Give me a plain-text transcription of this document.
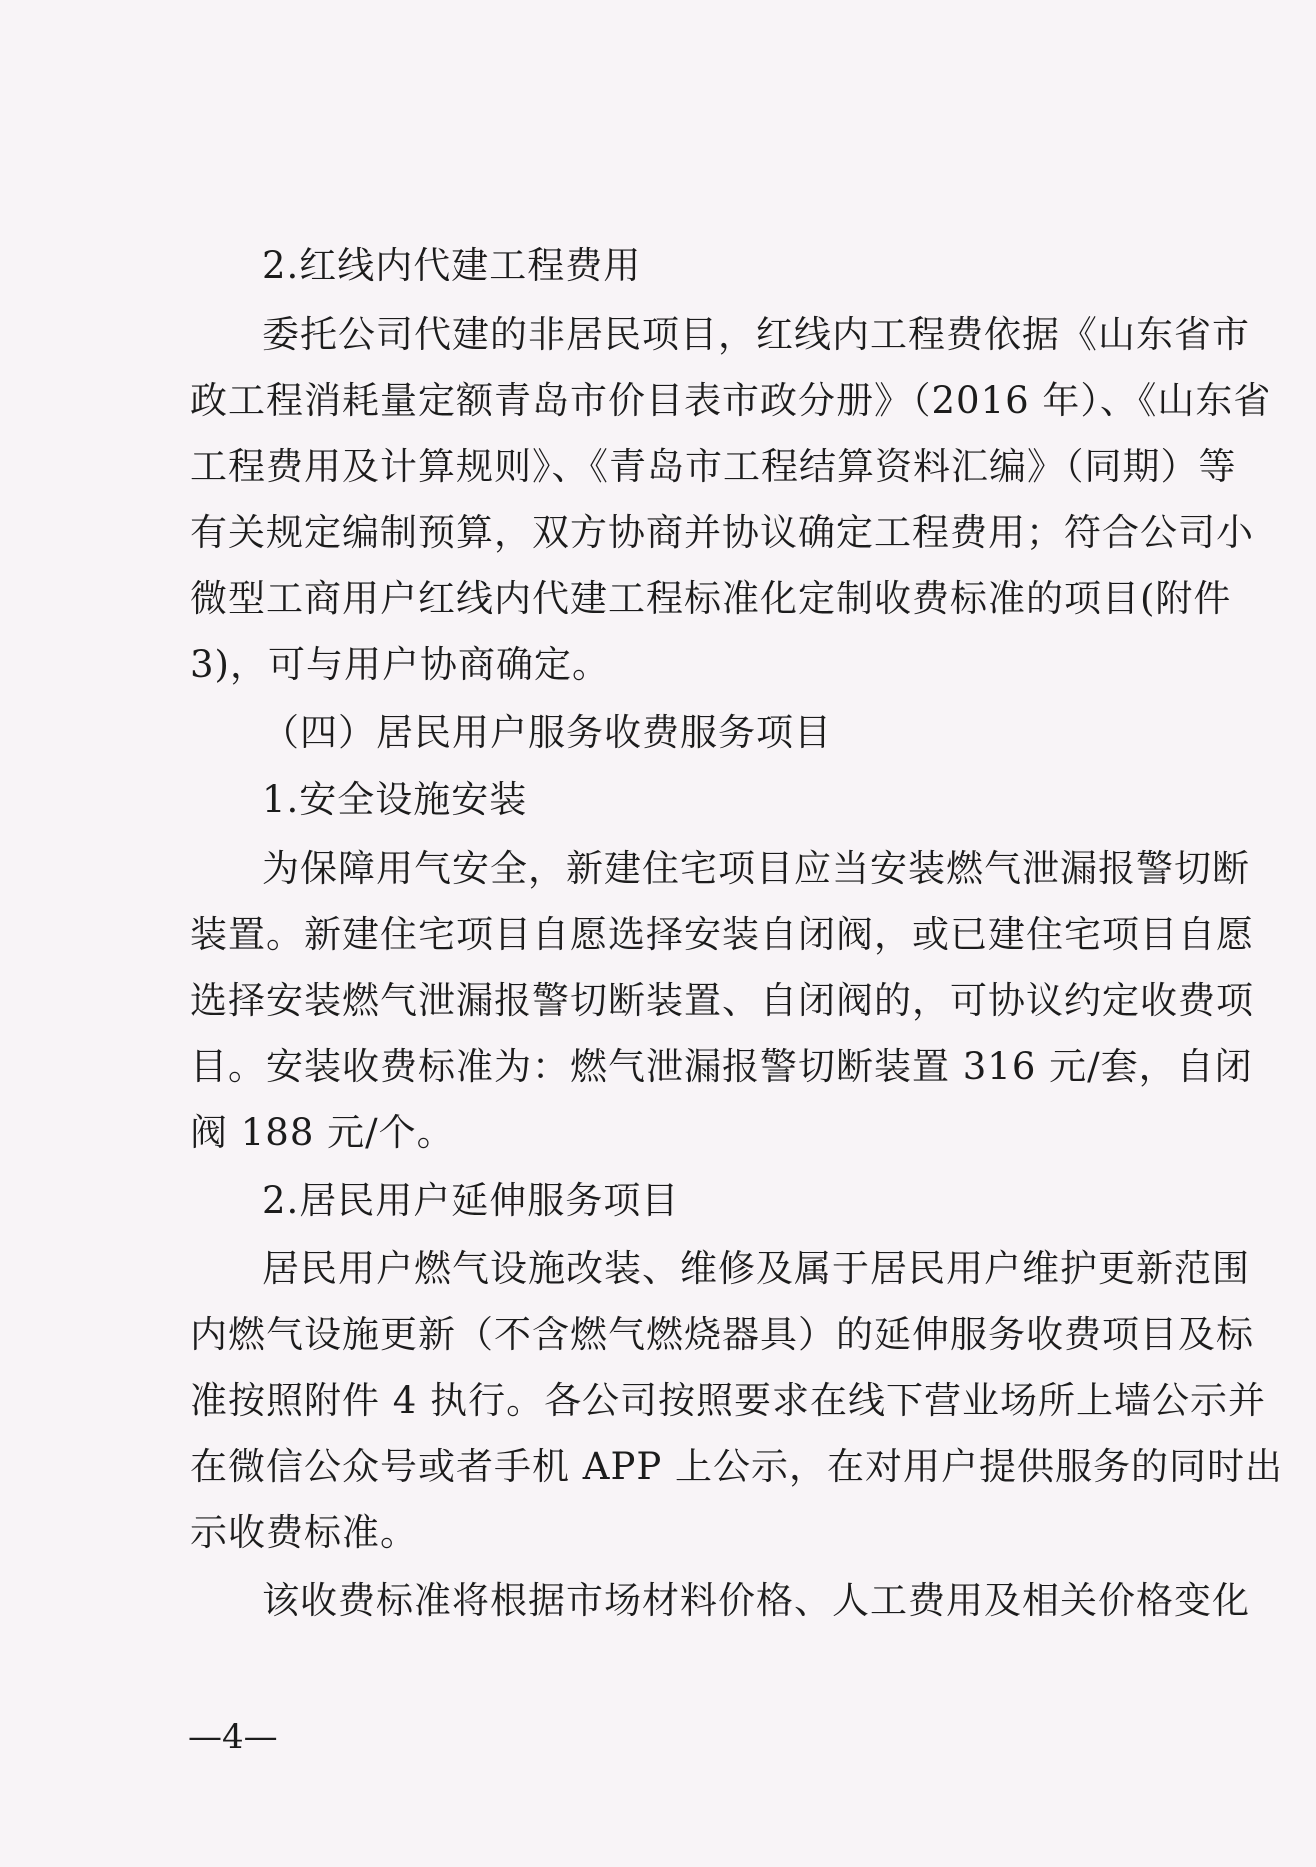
2.红线内代建工程费用
委托公司代建的非居民项目，红线内工程费依据《山东省市
政工程消耗量定额青岛市价目表市政分册》（2016 年）、《山东省
工程费用及计算规则》、《青岛市工程结算资料汇编》（同期）等
有关规定编制预算，双方协商并协议确定工程费用；符合公司小
微型工商用户红线内代建工程标准化定制收费标准的项目(附件
3)，可与用户协商确定。
（四）居民用户服务收费服务项目
1.安全设施安装
为保障用气安全，新建住宅项目应当安装燃气泄漏报警切断
装置。新建住宅项目自愿选择安装自闭阀，或已建住宅项目自愿
选择安装燃气泄漏报警切断装置、自闭阀的，可协议约定收费项
目。安装收费标准为：燃气泄漏报警切断装置 316 元/套，自闭
阀 188 元/个。
2.居民用户延伸服务项目
居民用户燃气设施改装、维修及属于居民用户维护更新范围
内燃气设施更新（不含燃气燃烧器具）的延伸服务收费项目及标
准按照附件 4 执行。各公司按照要求在线下营业场所上墙公示并
在微信公众号或者手机 APP 上公示，在对用户提供服务的同时出
示收费标准。
该收费标准将根据市场材料价格、人工费用及相关价格变化
—4—
